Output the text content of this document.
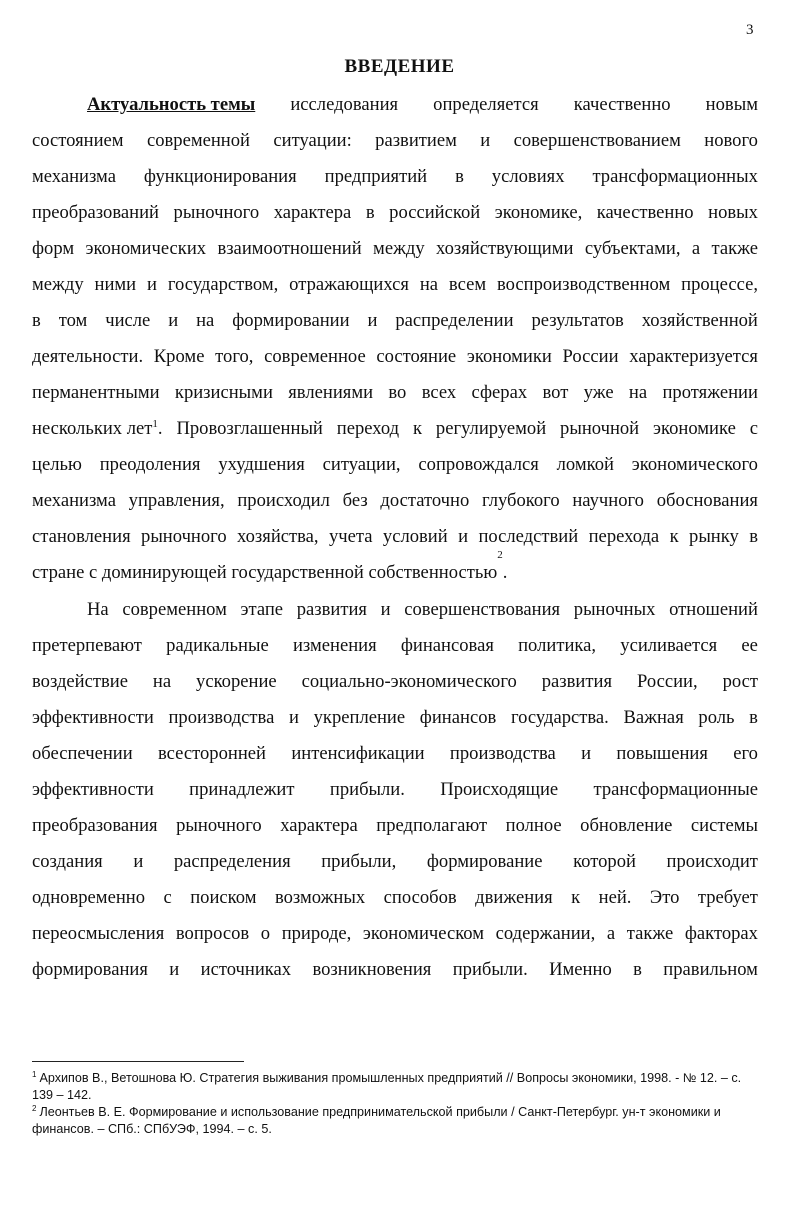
3
ВВЕДЕНИЕ
Актуальность темы исследования определяется качественно новым
состоянием современной ситуации: развитием и совершенствованием нового
механизма функционирования предприятий в условиях трансформационных
преобразований рыночного характера в российской экономике, качественно новых
форм экономических взаимоотношений между хозяйствующими субъектами, а также
между ними и государством, отражающихся на всем воспроизводственном процессе,
в том числе и на формировании и распределении результатов хозяйственной
деятельности. Кроме того, современное состояние экономики России характеризуется
перманентными кризисными явлениями во всех сферах вот уже на протяжении
нескольких лет$^1$. Провозглашенный переход к регулируемой рыночной экономике с
целью преодоления ухудшения ситуации, сопровождался ломкой экономического
механизма управления, происходил без достаточно глубокого научного обоснования
становления рыночного хозяйства, учета условий и последствий перехода к рынку в
стране с доминирующей государственной собственностью
2
.
На современном этапе развития и совершенствования рыночных отношений
претерпевают радикальные изменения финансовая политика, усиливается ее
воздействие на ускорение социально-экономического развития России, рост
эффективности производства и укрепление финансов государства. Важная роль в
обеспечении всесторонней интенсификации производства и повышения его
эффективности принадлежит прибыли. Происходящие трансформационные
преобразования рыночного характера предполагают полное обновление системы
создания и распределения прибыли, формирование которой происходит
одновременно с поиском возможных способов движения к ней. Это требует
переосмысления вопросов о природе, экономическом содержании, а также факторах
формирования и источниках возникновения прибыли. Именно в правильном

$^1$ Архипов В., Ветошнова Ю. Стратегия выживания промышленных предприятий // Вопросы экономики, 1998. - № 12. – с. 139 – 142.

$^2$ Леонтьев В. Е. Формирование и использование предпринимательской прибыли / Санкт-Петербург. ун-т экономики и финансов. – СПб.: СПбУЭФ, 1994. – с. 5.
